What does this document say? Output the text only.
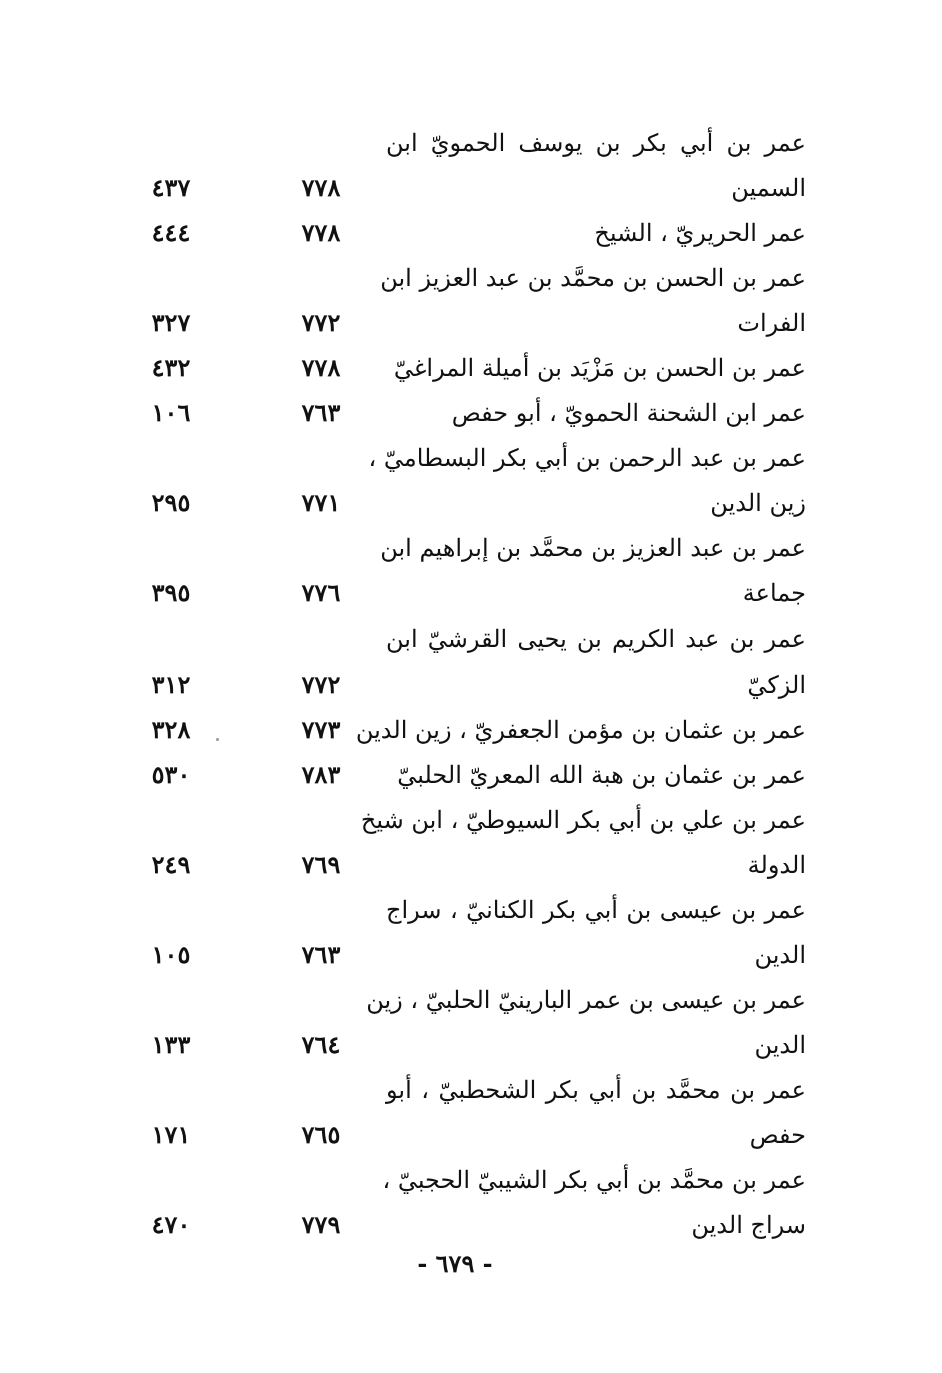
عمر بن أبي بكر بن يوسف الحمويّ ابن
السمين
٧٧٨
٤٣٧
عمر الحريريّ ، الشيخ
٧٧٨
٤٤٤
عمر بن الحسن بن محمَّد بن عبد العزيز ابن
الفرات
٧٧٢
٣٢٧
عمر بن الحسن بن مَزْيَد بن أميلة المراغيّ
٧٧٨
٤٣٢
عمر ابن الشحنة الحمويّ ، أبو حفص
٧٦٣
١٠٦
عمر بن عبد الرحمن بن أبي بكر البسطاميّ ،
زين الدين
٧٧١
٢٩٥
عمر بن عبد العزيز بن محمَّد بن إبراهيم ابن
جماعة
٧٧٦
٣٩٥
عمر بن عبد الكريم بن يحيى القرشيّ ابن
الزكيّ
٧٧٢
٣١٢
عمر بن عثمان بن مؤمن الجعفريّ ، زين الدين
٧٧٣
٣٢٨
عمر بن عثمان بن هبة الله المعريّ الحلبيّ
٧٨٣
٥٣٠
عمر بن علي بن أبي بكر السيوطيّ ، ابن شيخ
الدولة
٧٦٩
٢٤٩
عمر بن عيسى بن أبي بكر الكنانيّ ، سراج
الدين
٧٦٣
١٠٥
عمر بن عيسى بن عمر البارينيّ الحلبيّ ، زين
الدين
٧٦٤
١٣٣
عمر بن محمَّد بن أبي بكر الشحطبيّ ، أبو
حفص
٧٦٥
١٧١
عمر بن محمَّد بن أبي بكر الشيبيّ الحجبيّ ،
سراج الدين
٧٧٩
٤٧٠
- ٦٧٩ -
